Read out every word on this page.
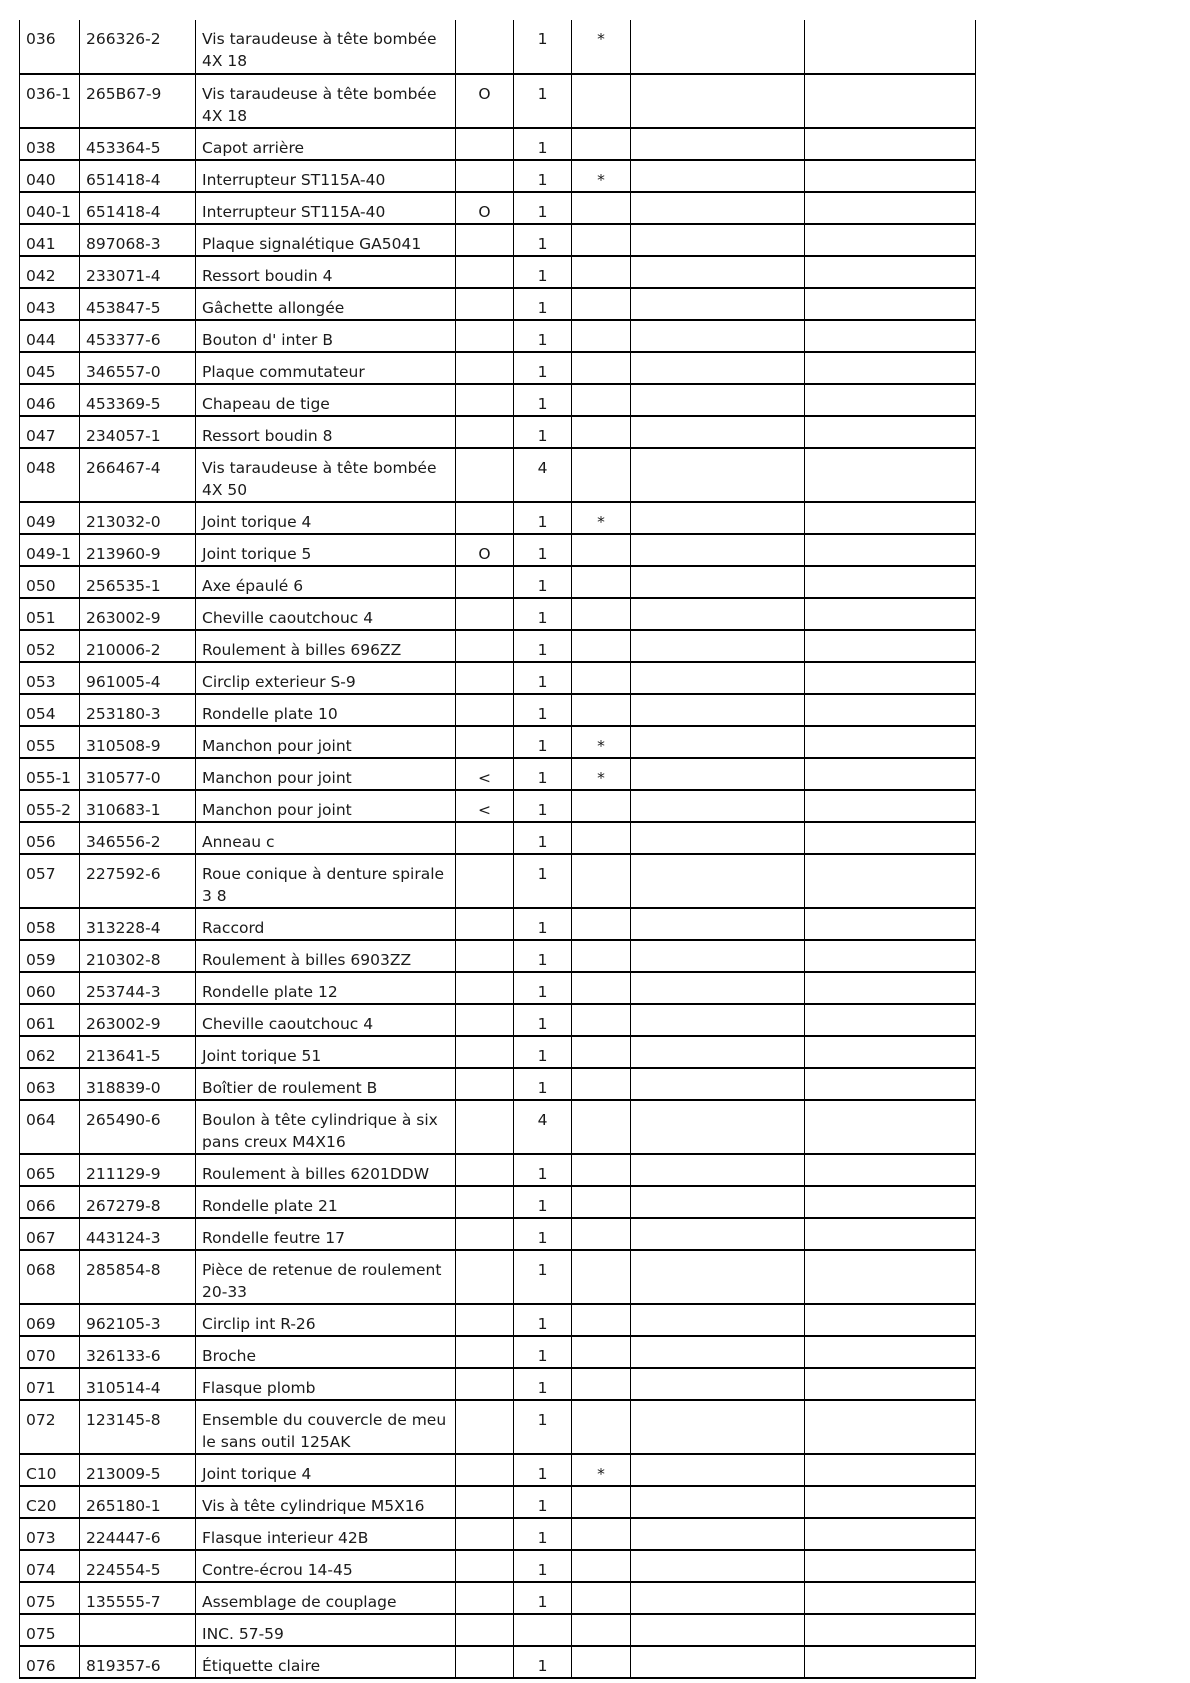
036	266326-2	Vis taraudeuse à tête bombée 4X 18		1	*		
036-1	265B67-9	Vis taraudeuse à tête bombée 4X 18	O	1			
038	453364-5	Capot arrière		1			
040	651418-4	Interrupteur ST115A-40		1	*		
040-1	651418-4	Interrupteur ST115A-40	O	1			
041	897068-3	Plaque signalétique GA5041		1			
042	233071-4	Ressort boudin 4		1			
043	453847-5	Gâchette allongée		1			
044	453377-6	Bouton d' inter B		1			
045	346557-0	Plaque commutateur		1			
046	453369-5	Chapeau de tige		1			
047	234057-1	Ressort boudin 8		1			
048	266467-4	Vis taraudeuse à tête bombée 4X 50		4			
049	213032-0	Joint torique 4		1	*		
049-1	213960-9	Joint torique 5	O	1			
050	256535-1	Axe épaulé 6		1			
051	263002-9	Cheville caoutchouc 4		1			
052	210006-2	Roulement à billes 696ZZ		1			
053	961005-4	Circlip exterieur S-9		1			
054	253180-3	Rondelle plate 10		1			
055	310508-9	Manchon pour joint		1	*		
055-1	310577-0	Manchon pour joint	<	1	*		
055-2	310683-1	Manchon pour joint	<	1			
056	346556-2	Anneau c		1			
057	227592-6	Roue conique à denture spirale 3 8		1			
058	313228-4	Raccord		1			
059	210302-8	Roulement à billes 6903ZZ		1			
060	253744-3	Rondelle plate 12		1			
061	263002-9	Cheville caoutchouc 4		1			
062	213641-5	Joint torique 51		1			
063	318839-0	Boîtier de roulement B		1			
064	265490-6	Boulon à tête cylindrique à six pans creux M4X16		4			
065	211129-9	Roulement à billes 6201DDW		1			
066	267279-8	Rondelle plate 21		1			
067	443124-3	Rondelle feutre 17		1			
068	285854-8	Pièce de retenue de roulement 20-33		1			
069	962105-3	Circlip int R-26		1			
070	326133-6	Broche		1			
071	310514-4	Flasque plomb		1			
072	123145-8	Ensemble du couvercle de meule sans outil 125AK		1			
C10	213009-5	Joint torique 4		1	*		
C20	265180-1	Vis à tête cylindrique M5X16		1			
073	224447-6	Flasque interieur 42B		1			
074	224554-5	Contre-écrou 14-45		1			
075	135555-7	Assemblage de couplage		1			
075		INC. 57-59					
076	819357-6	Étiquette claire		1			
